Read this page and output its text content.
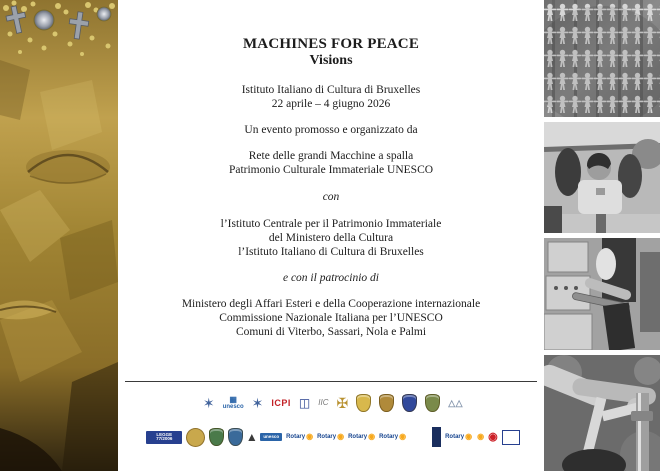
MACHINES FOR PEACE
Visions
Istituto Italiano di Cultura di Bruxelles
22 aprile – 4 giugno 2026
Un evento promosso e organizzato da
Rete delle grandi Macchine a spalla
Patrimonio Culturale Immateriale UNESCO
con
l’Istituto Centrale per il Patrimonio Immateriale
del Ministero della Cultura
l’Istituto Italiano di Cultura di Bruxelles
e con il patrocinio di
Ministero degli Affari Esteri e della Cooperazione internazionale
Commissione Nazionale Italiana per l’UNESCO
Comuni di Viterbo, Sassari, Nola e Palmi
✶ ▦ unesco ✶ ICPI ◫ IIC ✠	△△
LEGGE 77/2006	▲	unesco	Rotary ◉	Rotary ◉	Rotary ◉	Rotary ◉	Rotary ◉ ◉	◉
